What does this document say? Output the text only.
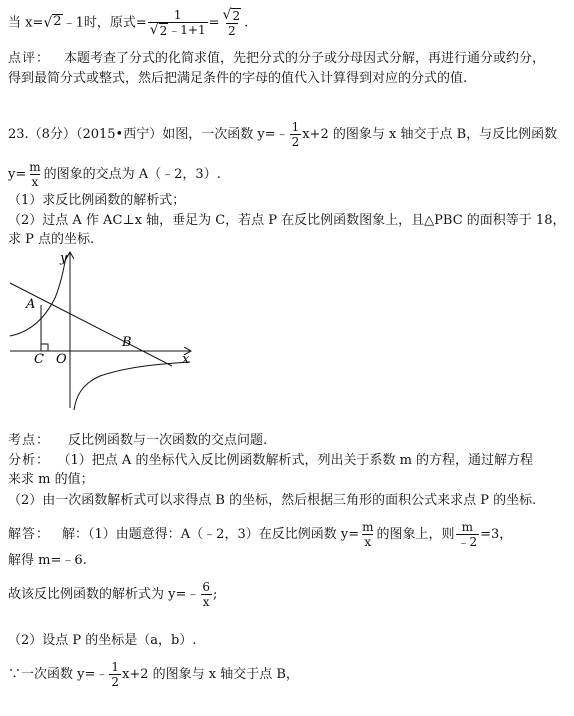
当 x= √ 2 ﹣1时，原式= $\frac{1}{√ 2 ﹣1+1} = \frac{√ 2}{2}$ .
点评： 本题考查了分式的化简求值，先把分式的分子或分母因式分解，再进行通分或约分，
得到最简分式或整式，然后把满足条件的字母的值代入计算得到对应的分式的值.
23.（8分）（2015•西宁）如图，一次函数 y=﹣ $\frac{1}{2} x+2$ 的图象与 x 轴交于点 B，与反比例函数
$y= \frac{m}{x}$ 的图象的交点为 A（﹣2，3）.
（1）求反比例函数的解析式；
（2）过点 A 作 AC⊥x 轴，垂足为 C，若点 P 在反比例函数图象上，且△PBC 的面积等于 18，
求 P 点的坐标.
y
x
A
B
C O
考点： 反比例函数与一次函数的交点问题.
分析： （1）把点 A 的坐标代入反比例函数解析式，列出关于系数 m 的方程，通过解方程
来求 m 的值；
（2）由一次函数解析式可以求得点 B 的坐标，然后根据三角形的面积公式来求点 P 的坐标.
解答： 解：（1）由题意得：A（﹣2，3）在反比例函数 $y= \frac{m}{x}$ 的图象上，则 $\frac{m}{﹣2} =3$，
解得 m=﹣6.
故该反比例函数的解析式为 y=﹣ $\frac{6}{x}$ ;
（2）设点 P 的坐标是（a，b）.
∵一次函数 y=﹣ $\frac{1}{2} x+2$ 的图象与 x 轴交于点 B，
